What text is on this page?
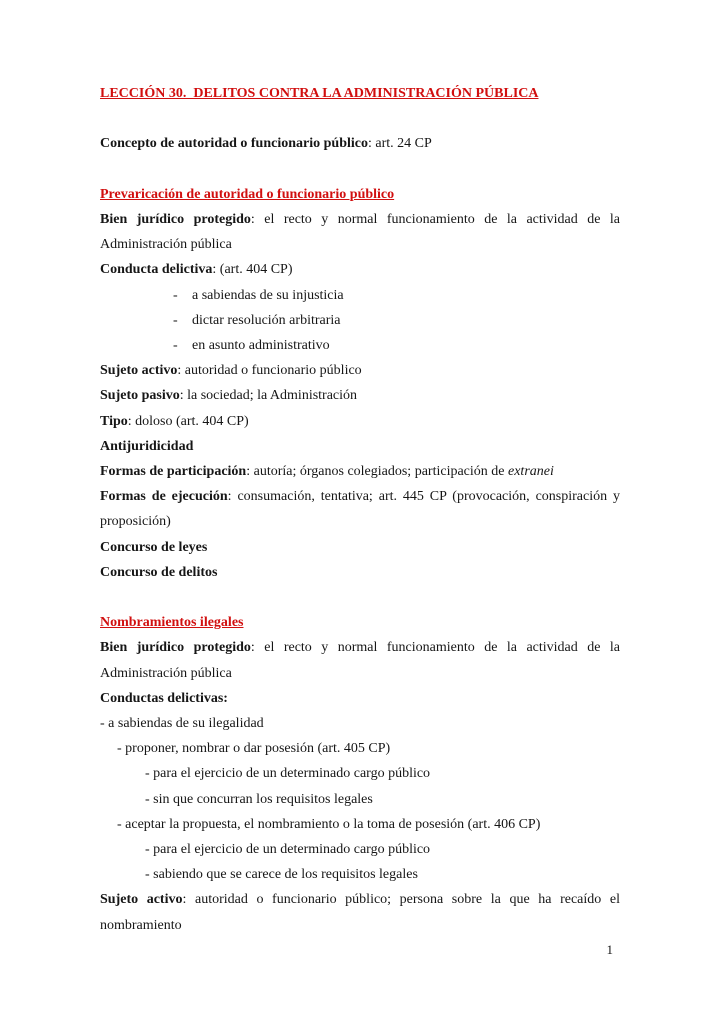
LECCIÓN 30.  DELITOS CONTRA LA ADMINISTRACIÓN PÚBLICA
Concepto de autoridad o funcionario público: art. 24 CP
Prevaricación de autoridad o funcionario público
Bien jurídico protegido: el recto y normal funcionamiento de la actividad de la Administración pública
Conducta delictiva: (art. 404 CP)
- a sabiendas de su injusticia
- dictar resolución arbitraria
- en asunto administrativo
Sujeto activo: autoridad o funcionario público
Sujeto pasivo: la sociedad; la Administración
Tipo: doloso (art. 404 CP)
Antijuridicidad
Formas de participación: autoría; órganos colegiados; participación de extranei
Formas de ejecución: consumación, tentativa; art. 445 CP (provocación, conspiración y proposición)
Concurso de leyes
Concurso de delitos
Nombramientos ilegales
Bien jurídico protegido: el recto y normal funcionamiento de la actividad de la Administración pública
Conductas delictivas:
- a sabiendas de su ilegalidad
- proponer, nombrar o dar posesión (art. 405 CP)
- para el ejercicio de un determinado cargo público
- sin que concurran los requisitos legales
- aceptar la propuesta, el nombramiento o la toma de posesión (art. 406 CP)
- para el ejercicio de un determinado cargo público
- sabiendo que se carece de los requisitos legales
Sujeto activo: autoridad o funcionario público; persona sobre la que ha recaído el nombramiento
1
